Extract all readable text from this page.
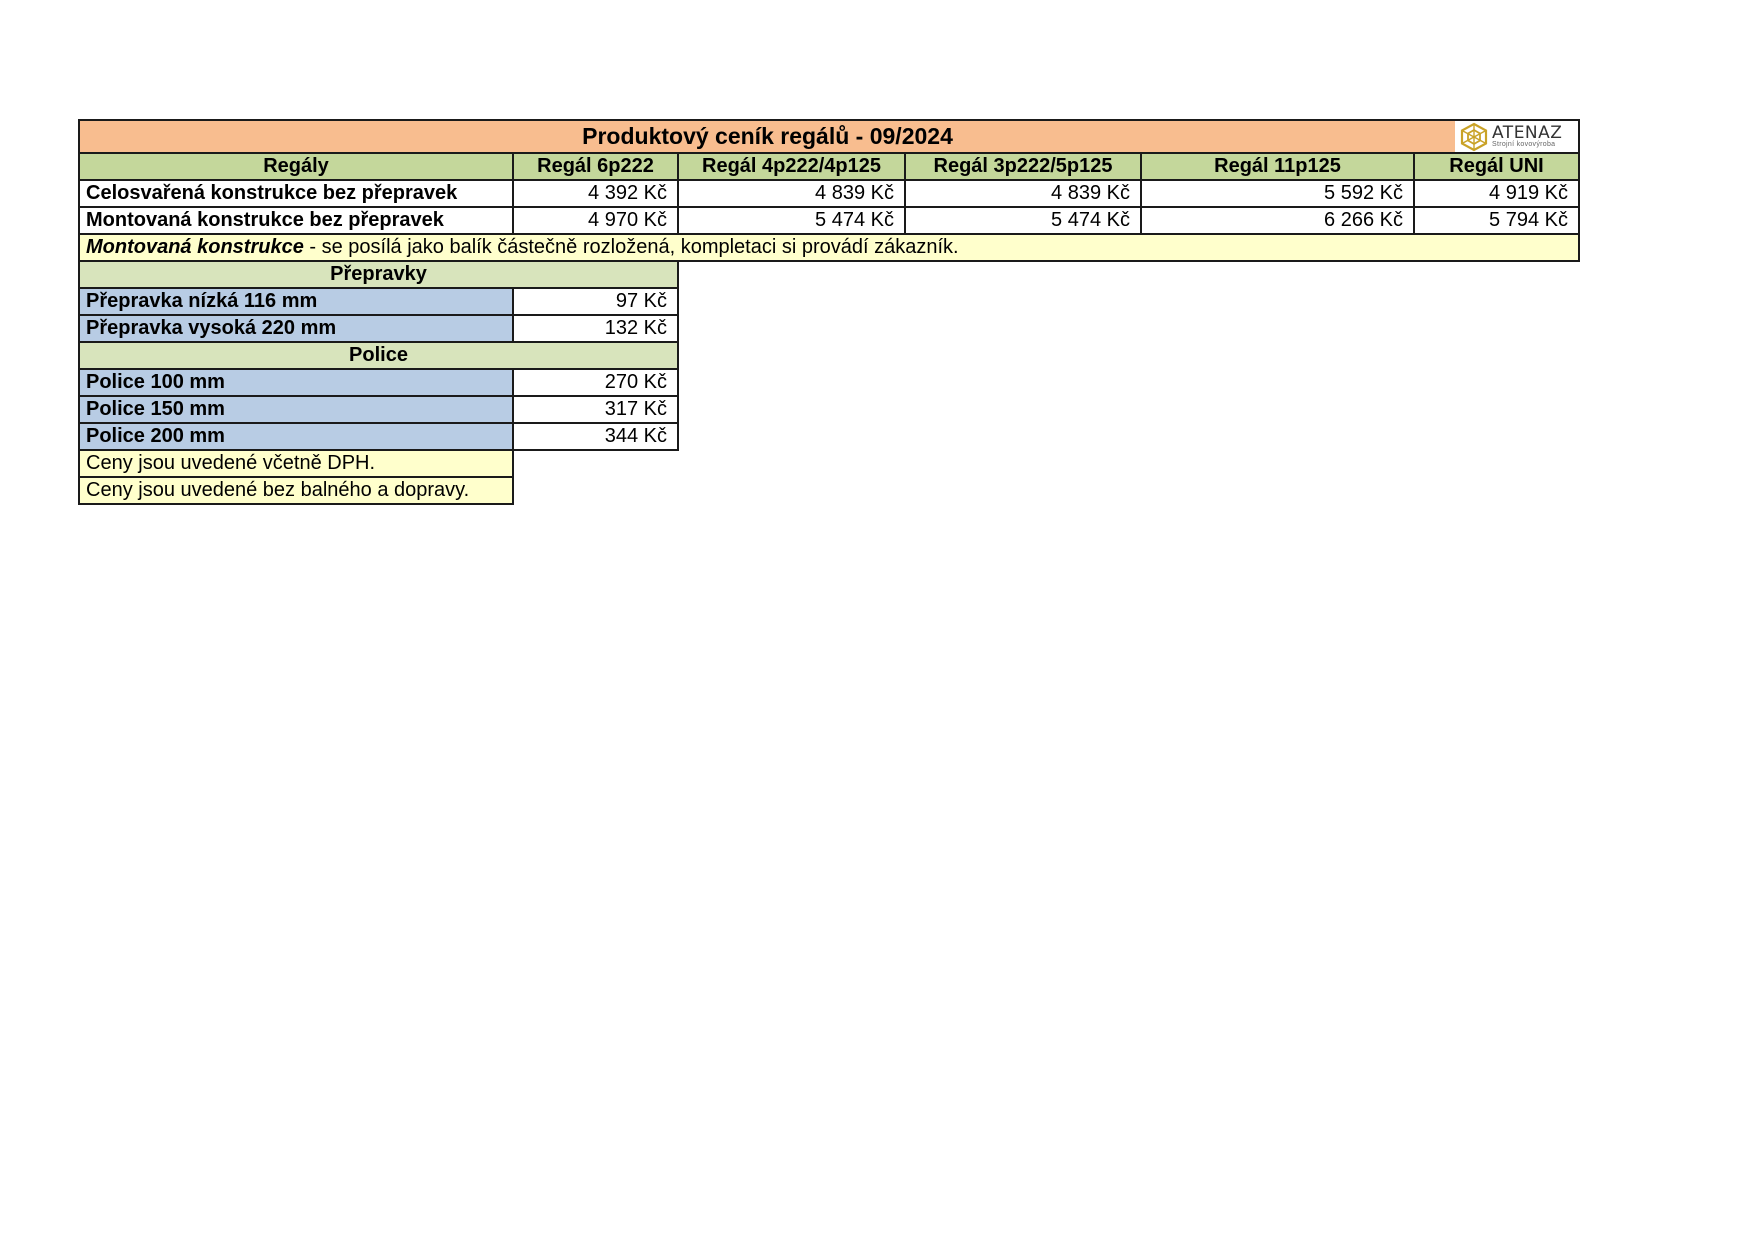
Produktový ceník regálů - 09/2024						ATENAZ
Strojní kovovýroba

Regály	Regál 6p222	Regál 4p222/4p125	Regál 3p222/5p125	Regál 11p125	Regál UNI	
Celosvařená konstrukce bez přepravek	4 392 Kč	4 839 Kč	4 839 Kč	5 592 Kč	4 919 Kč	
Montovaná konstrukce bez přepravek	4 970 Kč	5 474 Kč	5 474 Kč	6 266 Kč	5 794 Kč	
Montovaná konstrukce - se posílá jako balík částečně rozložená, kompletaci si provádí zákazník.						
Přepravky						
Přepravka nízká 116 mm	97 Kč					
Přepravka vysoká 220 mm	132 Kč					
Police						
Police 100 mm	270 Kč					
Police 150 mm	317 Kč					
Police 200 mm	344 Kč					
Ceny jsou uvedené včetně DPH.						
Ceny jsou uvedené bez balného a dopravy.						
